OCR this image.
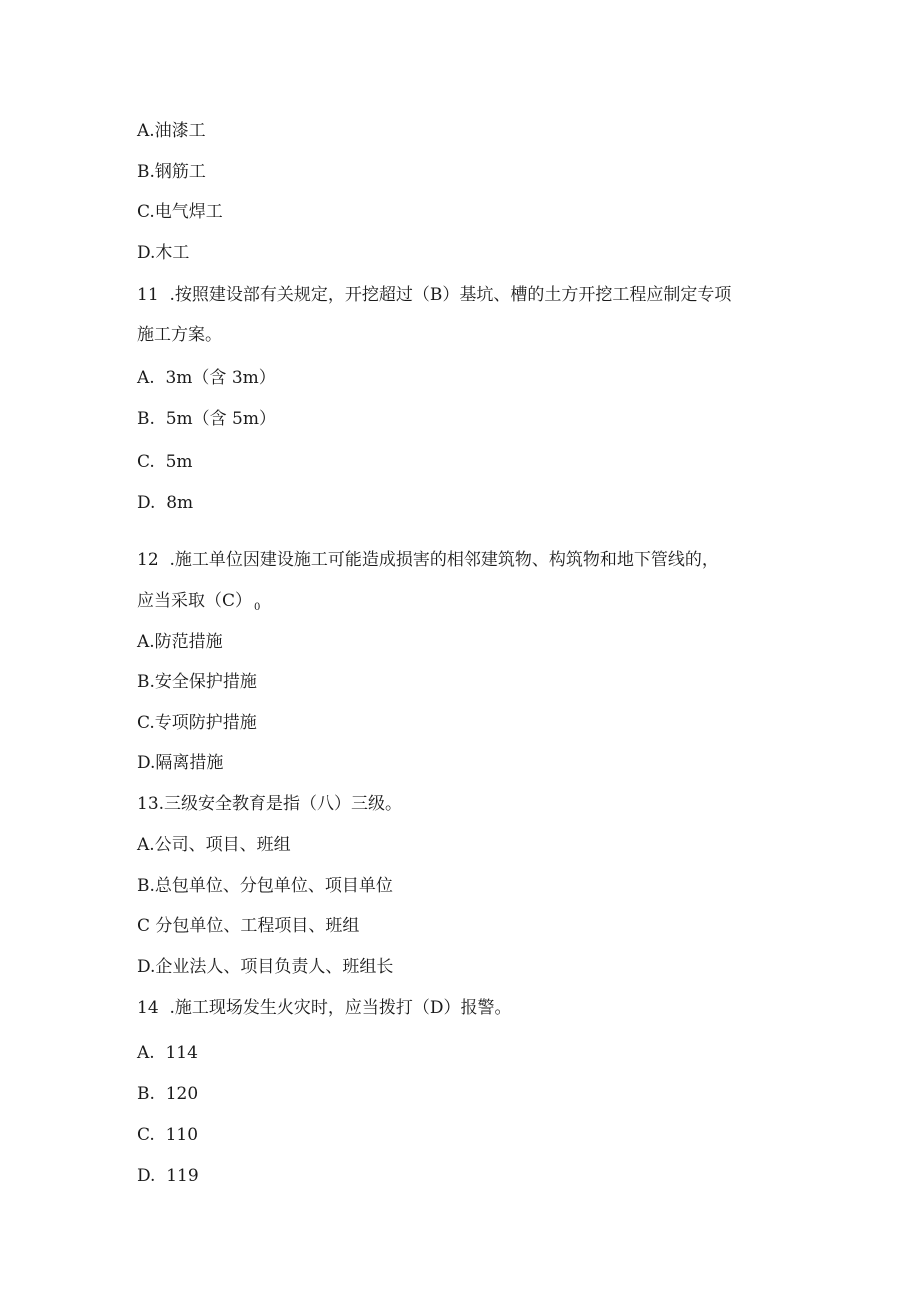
A.油漆工

B.钢筋工

C.电气焊工

D.木工

11  .按照建设部有关规定，开挖超过（B）基坑、槽的土方开挖工程应制定专项

施工方案。

A.  3m（含 3m）

B.  5m（含 5m）

C.  5m

D.  8m

12  .施工单位因建设施工可能造成损害的相邻建筑物、构筑物和地下管线的，

应当采取（C） $_0$

A.防范措施

B.安全保护措施

C.专项防护措施

D.隔离措施

13.三级安全教育是指（八）三级。

A.公司、项目、班组

B.总包单位、分包单位、项目单位

C 分包单位、工程项目、班组

D.企业法人、项目负责人、班组长

14  .施工现场发生火灾时，应当拨打（D）报警。

A.  114

B.  120

C.  110

D.  119
